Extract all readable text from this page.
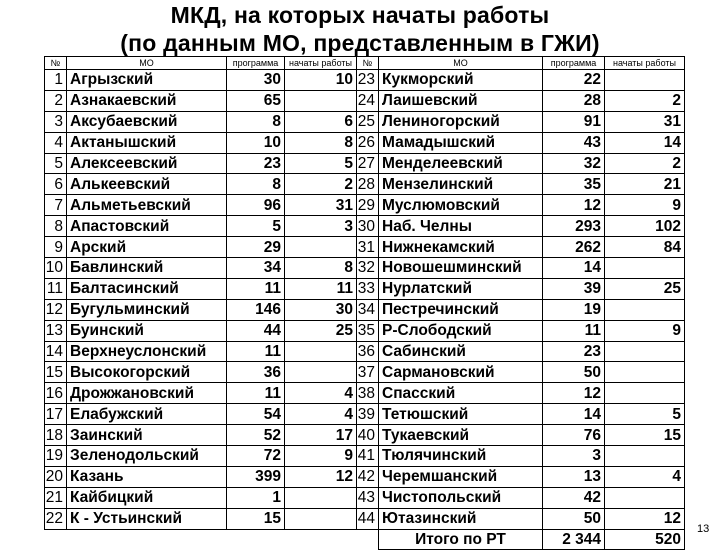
МКД, на которых начаты работы
(по данным МО, представленным в ГЖИ)
№	МО	программа	начаты работы	№	МО	программа	начаты работы
1	Агрызский	30	10	23	Кукморский	22	
2	Азнакаевский	65		24	Лаишевский	28	2
3	Аксубаевский	8	6	25	Лениногорский	91	31
4	Актанышский	10	8	26	Мамадышский	43	14
5	Алексеевский	23	5	27	Менделеевский	32	2
6	Алькеевский	8	2	28	Мензелинский	35	21
7	Альметьевский	96	31	29	Муслюмовский	12	9
8	Апастовский	5	3	30	Наб. Челны	293	102
9	Арский	29		31	Нижнекамский	262	84
10	Бавлинский	34	8	32	Новошешминский	14	
11	Балтасинский	11	11	33	Нурлатский	39	25
12	Бугульминский	146	30	34	Пестречинский	19	
13	Буинский	44	25	35	Р-Слободский	11	9
14	Верхнеуслонский	11		36	Сабинский	23	
15	Высокогорский	36		37	Сармановский	50	
16	Дрожжановский	11	4	38	Спасский	12	
17	Елабужский	54	4	39	Тетюшский	14	5
18	Заинский	52	17	40	Тукаевский	76	15
19	Зеленодольский	72	9	41	Тюлячинский	3	
20	Казань	399	12	42	Черемшанский	13	4
21	Кайбицкий	1		43	Чистопольский	42	
22	К - Устьинский	15		44	Ютазинский	50	12
					Итого по РТ	2 344	520
13
